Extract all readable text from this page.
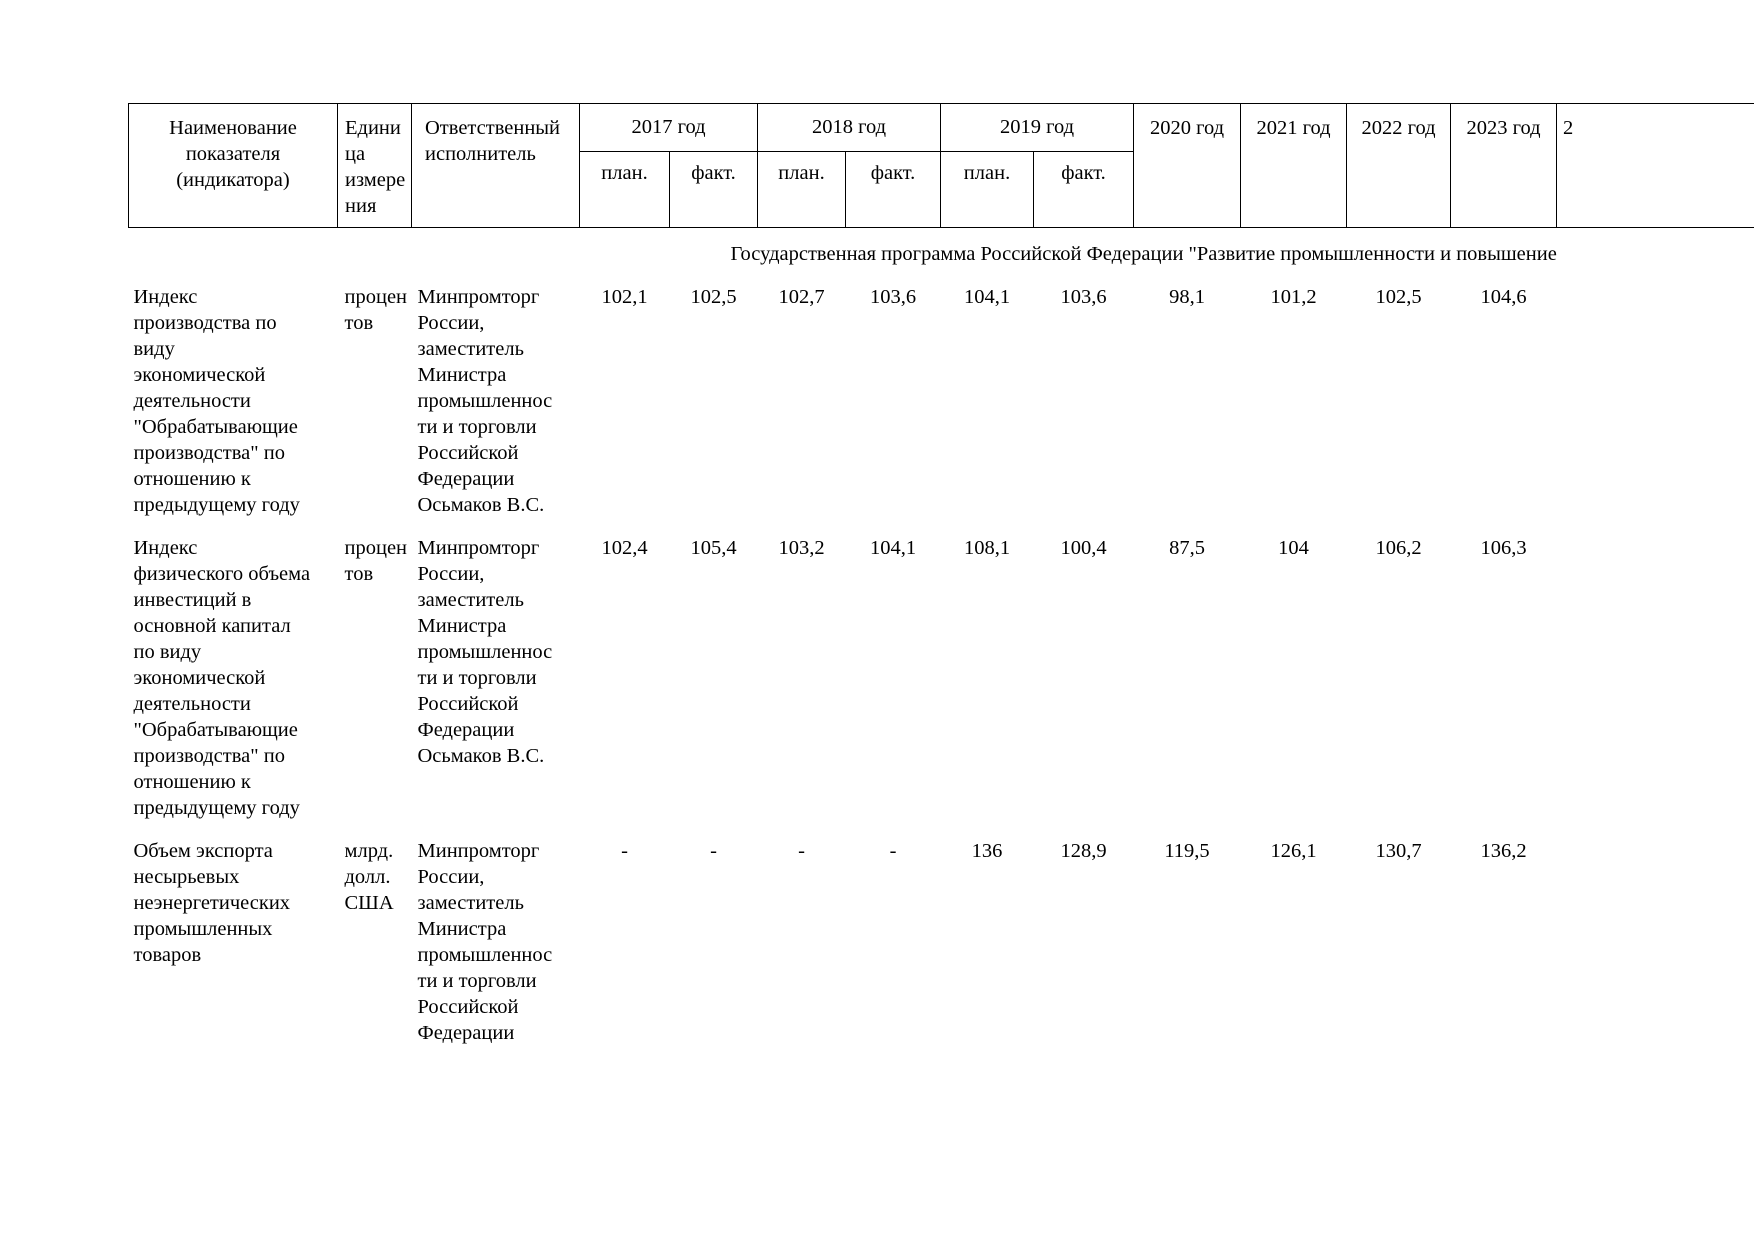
Наименование показателя (индикатора)	Единица измерения	Ответственный исполнитель	2017 год		2018 год		2019 год		2020 год	2021 год	2022 год	2023 год	2
			план.	факт.	план.	факт.	план.	факт.					
Государственная программа Российской Федерации "Развитие промышленности и повышение													
Индекс производства по виду экономической деятельности "Обрабатывающие производства" по отношению к предыдущему году	процентов	Минпромторг России, заместитель Министра промышленности и торговли Российской Федерации Осьмаков В.С.	102,1	102,5	102,7	103,6	104,1	103,6	98,1	101,2	102,5	104,6	
Индекс физического объема инвестиций в основной капитал по виду экономической деятельности "Обрабатывающие производства" по отношению к предыдущему году	процентов	Минпромторг России, заместитель Министра промышленности и торговли Российской Федерации Осьмаков В.С.	102,4	105,4	103,2	104,1	108,1	100,4	87,5	104	106,2	106,3	
Объем экспорта несырьевых неэнергетических промышленных товаров	млрд. долл. США	Минпромторг России, заместитель Министра промышленности и торговли Российской Федерации	-	-	-	-	136	128,9	119,5	126,1	130,7	136,2	
